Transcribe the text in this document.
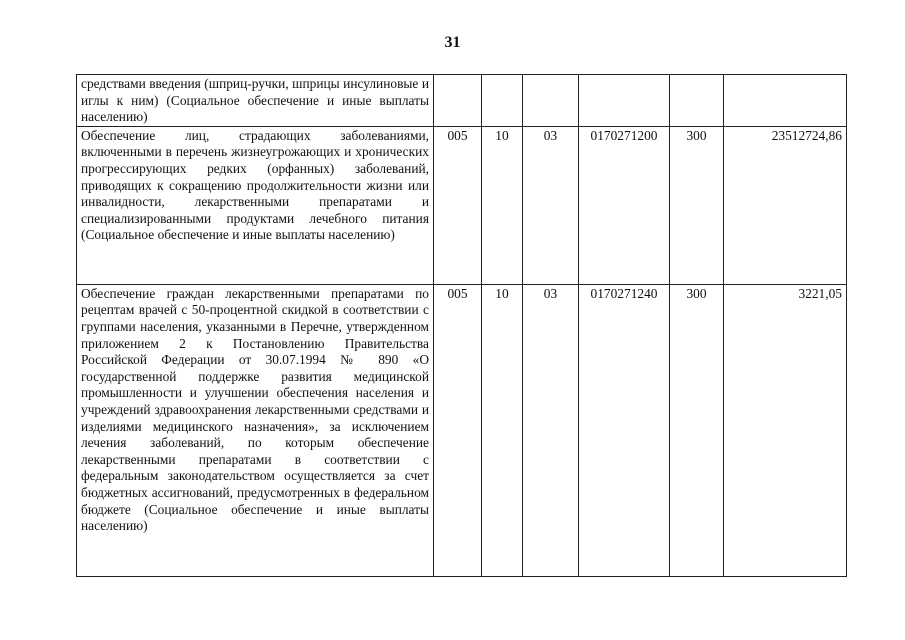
31
средствами введения (шприц-ручки, шприцы инсулиновые и иглы к ним) (Социальное обеспечение и иные выплаты населению)						
Обеспечение лиц, страдающих заболеваниями, включенными в перечень жизнеугрожающих и хронических прогрессирующих редких (орфанных) заболеваний, приводящих к сокращению продолжительности жизни или инвалидности, лекарственными препаратами и специализированными продуктами лечебного питания (Социальное обеспечение и иные выплаты населению)	005	10	03	0170271200	300	23512724,86
Обеспечение граждан лекарственными препаратами по рецептам врачей с 50-процентной скидкой в соответствии с группами населения, указанными в Перечне, утвержденном приложением 2 к Постановлению Правительства Российской Федерации от 30.07.1994 № 890 «О государственной поддержке развития медицинской промышленности и улучшении обеспечения населения и учреждений здравоохранения лекарственными средствами и изделиями медицинского назначения», за исключением лечения заболеваний, по которым обеспечение лекарственными препаратами в соответствии с федеральным законодательством осуществляется за счет бюджетных ассигнований, предусмотренных в федеральном бюджете (Социальное обеспечение и иные выплаты населению)	005	10	03	0170271240	300	3221,05
